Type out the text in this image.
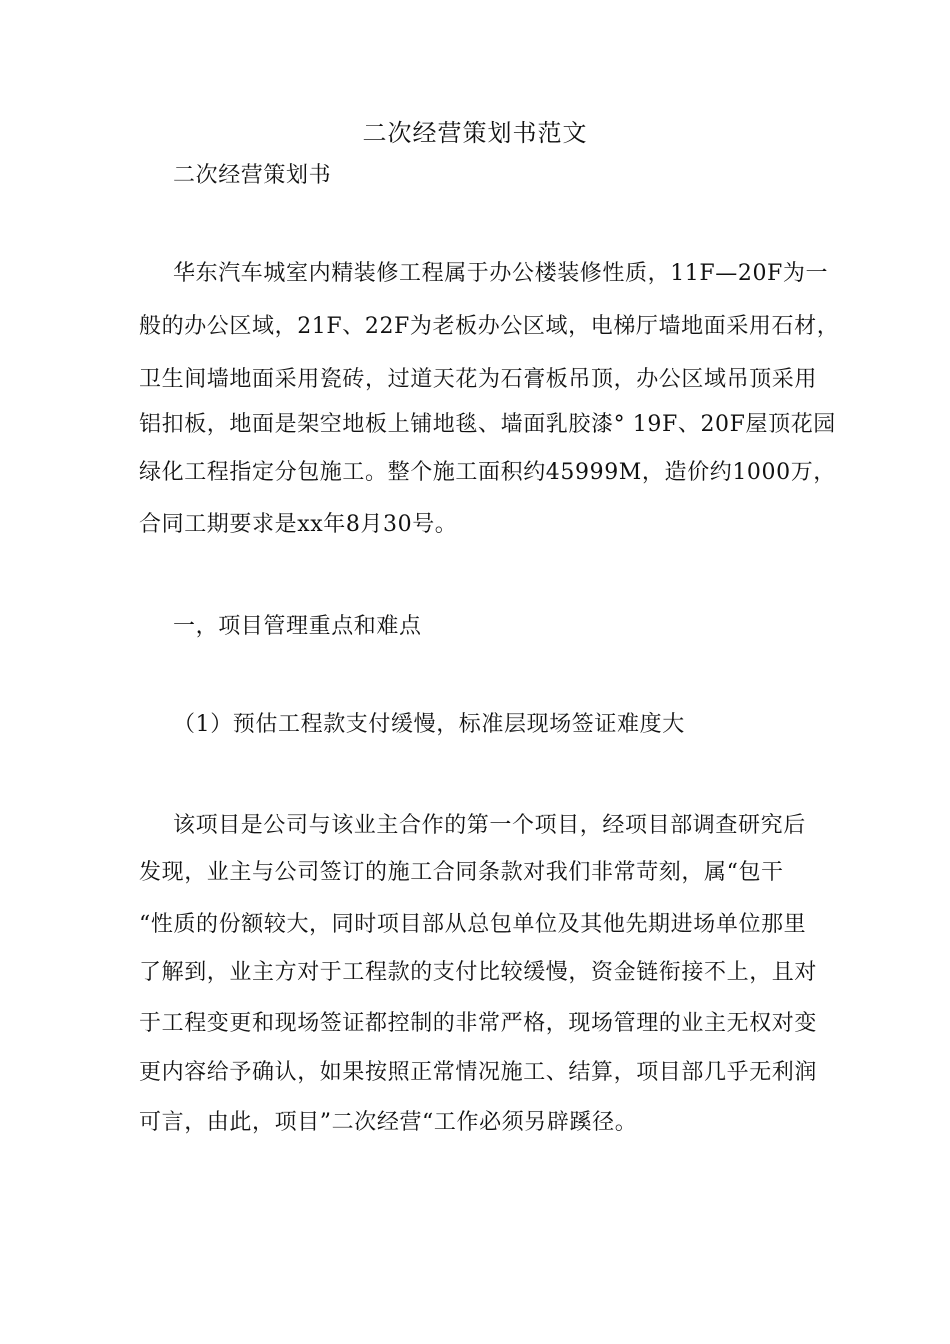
二次经营策划书范文
二次经营策划书
华东汽车城室内精装修工程属于办公楼装修性质，11F—20F为一
般的办公区域，21F、22F为老板办公区域，电梯厅墙地面采用石材，
卫生间墙地面采用瓷砖，过道天花为石膏板吊顶，办公区域吊顶采用
铝扣板，地面是架空地板上铺地毯、墙面乳胶漆° 19F、20F屋顶花园
绿化工程指定分包施工。整个施工面积约45999M，造价约1000万，
合同工期要求是xx年8月30号。
一，项目管理重点和难点
（1）预估工程款支付缓慢，标准层现场签证难度大
该项目是公司与该业主合作的第一个项目，经项目部调查研究后
发现，业主与公司签订的施工合同条款对我们非常苛刻，属“包干
“性质的份额较大，同时项目部从总包单位及其他先期进场单位那里
了解到，业主方对于工程款的支付比较缓慢，资金链衔接不上，且对
于工程变更和现场签证都控制的非常严格，现场管理的业主无权对变
更内容给予确认，如果按照正常情况施工、结算，项目部几乎无利润
可言，由此，项目”二次经营“工作必须另辟蹊径。
